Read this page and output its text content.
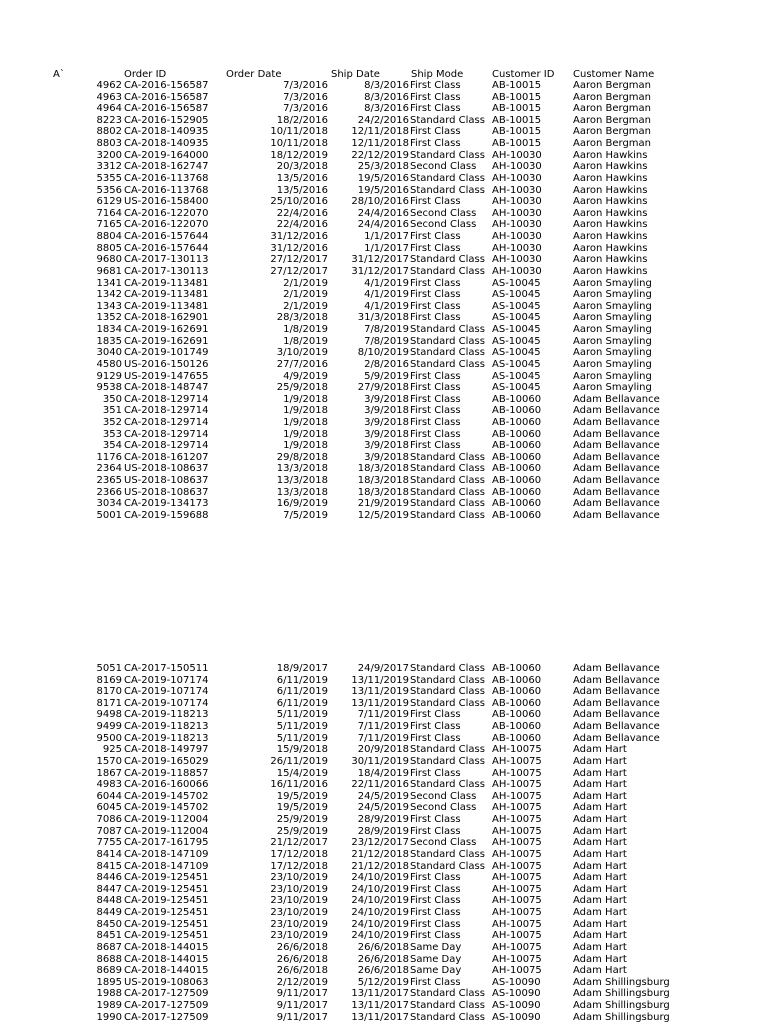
A`	Order ID	Order Date	Ship Date	Ship Mode	Customer ID Customer Name
4962 CA-2016-156587	7/3/2016	8/3/2016 First Class	AB-10015	Aaron Bergman
4963 CA-2016-156587	7/3/2016	8/3/2016 First Class	AB-10015	Aaron Bergman
4964 CA-2016-156587	7/3/2016	8/3/2016 First Class	AB-10015	Aaron Bergman
8223 CA-2016-152905	18/2/2016	24/2/2016 Standard Class AB-10015	Aaron Bergman
8802 CA-2018-140935	10/11/2018	12/11/2018 First Class	AB-10015	Aaron Bergman
8803 CA-2018-140935	10/11/2018	12/11/2018 First Class	AB-10015	Aaron Bergman
3200 CA-2019-164000	18/12/2019	22/12/2019 Standard Class AH-10030	Aaron Hawkins
3312 CA-2018-162747	20/3/2018	25/3/2018 Second Class AH-10030	Aaron Hawkins
5355 CA-2016-113768	13/5/2016	19/5/2016 Standard Class AH-10030	Aaron Hawkins
5356 CA-2016-113768	13/5/2016	19/5/2016 Standard Class AH-10030	Aaron Hawkins
6129 US-2016-158400	25/10/2016	28/10/2016 First Class	AH-10030	Aaron Hawkins
7164 CA-2016-122070	22/4/2016	24/4/2016 Second Class AH-10030	Aaron Hawkins
7165 CA-2016-122070	22/4/2016	24/4/2016 Second Class AH-10030	Aaron Hawkins
8804 CA-2016-157644	31/12/2016	1/1/2017 First Class	AH-10030	Aaron Hawkins
8805 CA-2016-157644	31/12/2016	1/1/2017 First Class	AH-10030	Aaron Hawkins
9680 CA-2017-130113	27/12/2017	31/12/2017 Standard Class AH-10030	Aaron Hawkins
9681 CA-2017-130113	27/12/2017	31/12/2017 Standard Class AH-10030	Aaron Hawkins
1341 CA-2019-113481	2/1/2019	4/1/2019 First Class	AS-10045	Aaron Smayling
1342 CA-2019-113481	2/1/2019	4/1/2019 First Class	AS-10045	Aaron Smayling
1343 CA-2019-113481	2/1/2019	4/1/2019 First Class	AS-10045	Aaron Smayling
1352 CA-2018-162901	28/3/2018	31/3/2018 First Class	AS-10045	Aaron Smayling
1834 CA-2019-162691	1/8/2019	7/8/2019 Standard Class AS-10045	Aaron Smayling
1835 CA-2019-162691	1/8/2019	7/8/2019 Standard Class AS-10045	Aaron Smayling
3040 CA-2019-101749	3/10/2019	8/10/2019 Standard Class AS-10045	Aaron Smayling
4580 US-2016-150126	27/7/2016	2/8/2016 Standard Class AS-10045	Aaron Smayling
9129 US-2019-147655	4/9/2019	5/9/2019 First Class	AS-10045	Aaron Smayling
9538 CA-2018-148747	25/9/2018	27/9/2018 First Class	AS-10045	Aaron Smayling
350 CA-2018-129714	1/9/2018	3/9/2018 First Class	AB-10060	Adam Bellavance
351 CA-2018-129714	1/9/2018	3/9/2018 First Class	AB-10060	Adam Bellavance
352 CA-2018-129714	1/9/2018	3/9/2018 First Class	AB-10060	Adam Bellavance
353 CA-2018-129714	1/9/2018	3/9/2018 First Class	AB-10060	Adam Bellavance
354 CA-2018-129714	1/9/2018	3/9/2018 First Class	AB-10060	Adam Bellavance
1176 CA-2018-161207	29/8/2018	3/9/2018 Standard Class AB-10060	Adam Bellavance
2364 US-2018-108637	13/3/2018	18/3/2018 Standard Class AB-10060	Adam Bellavance
2365 US-2018-108637	13/3/2018	18/3/2018 Standard Class AB-10060	Adam Bellavance
2366 US-2018-108637	13/3/2018	18/3/2018 Standard Class AB-10060	Adam Bellavance
3034 CA-2019-134173	16/9/2019	21/9/2019 Standard Class AB-10060	Adam Bellavance
5001 CA-2019-159688	7/5/2019	12/5/2019 Standard Class AB-10060	Adam Bellavance
5051 CA-2017-150511	18/9/2017	24/9/2017 Standard Class AB-10060	Adam Bellavance
8169 CA-2019-107174	6/11/2019	13/11/2019 Standard Class AB-10060	Adam Bellavance
8170 CA-2019-107174	6/11/2019	13/11/2019 Standard Class AB-10060	Adam Bellavance
8171 CA-2019-107174	6/11/2019	13/11/2019 Standard Class AB-10060	Adam Bellavance
9498 CA-2019-118213	5/11/2019	7/11/2019 First Class	AB-10060	Adam Bellavance
9499 CA-2019-118213	5/11/2019	7/11/2019 First Class	AB-10060	Adam Bellavance
9500 CA-2019-118213	5/11/2019	7/11/2019 First Class	AB-10060	Adam Bellavance
925 CA-2018-149797	15/9/2018	20/9/2018 Standard Class AH-10075	Adam Hart
1570 CA-2019-165029	26/11/2019	30/11/2019 Standard Class AH-10075	Adam Hart
1867 CA-2019-118857	15/4/2019	18/4/2019 First Class	AH-10075	Adam Hart
4983 CA-2016-160066	16/11/2016	22/11/2016 Standard Class AH-10075	Adam Hart
6044 CA-2019-145702	19/5/2019	24/5/2019 Second Class AH-10075	Adam Hart
6045 CA-2019-145702	19/5/2019	24/5/2019 Second Class AH-10075	Adam Hart
7086 CA-2019-112004	25/9/2019	28/9/2019 First Class	AH-10075	Adam Hart
7087 CA-2019-112004	25/9/2019	28/9/2019 First Class	AH-10075	Adam Hart
7755 CA-2017-161795	21/12/2017	23/12/2017 Second Class AH-10075	Adam Hart
8414 CA-2018-147109	17/12/2018	21/12/2018 Standard Class AH-10075	Adam Hart
8415 CA-2018-147109	17/12/2018	21/12/2018 Standard Class AH-10075	Adam Hart
8446 CA-2019-125451	23/10/2019	24/10/2019 First Class	AH-10075	Adam Hart
8447 CA-2019-125451	23/10/2019	24/10/2019 First Class	AH-10075	Adam Hart
8448 CA-2019-125451	23/10/2019	24/10/2019 First Class	AH-10075	Adam Hart
8449 CA-2019-125451	23/10/2019	24/10/2019 First Class	AH-10075	Adam Hart
8450 CA-2019-125451	23/10/2019	24/10/2019 First Class	AH-10075	Adam Hart
8451 CA-2019-125451	23/10/2019	24/10/2019 First Class	AH-10075	Adam Hart
8687 CA-2018-144015	26/6/2018	26/6/2018 Same Day	AH-10075	Adam Hart
8688 CA-2018-144015	26/6/2018	26/6/2018 Same Day	AH-10075	Adam Hart
8689 CA-2018-144015	26/6/2018	26/6/2018 Same Day	AH-10075	Adam Hart
1895 US-2019-108063	2/12/2019	5/12/2019 First Class	AS-10090	Adam Shillingsburg
1988 CA-2017-127509	9/11/2017	13/11/2017 Standard Class AS-10090	Adam Shillingsburg
1989 CA-2017-127509	9/11/2017	13/11/2017 Standard Class AS-10090	Adam Shillingsburg
1990 CA-2017-127509	9/11/2017	13/11/2017 Standard Class AS-10090	Adam Shillingsburg
